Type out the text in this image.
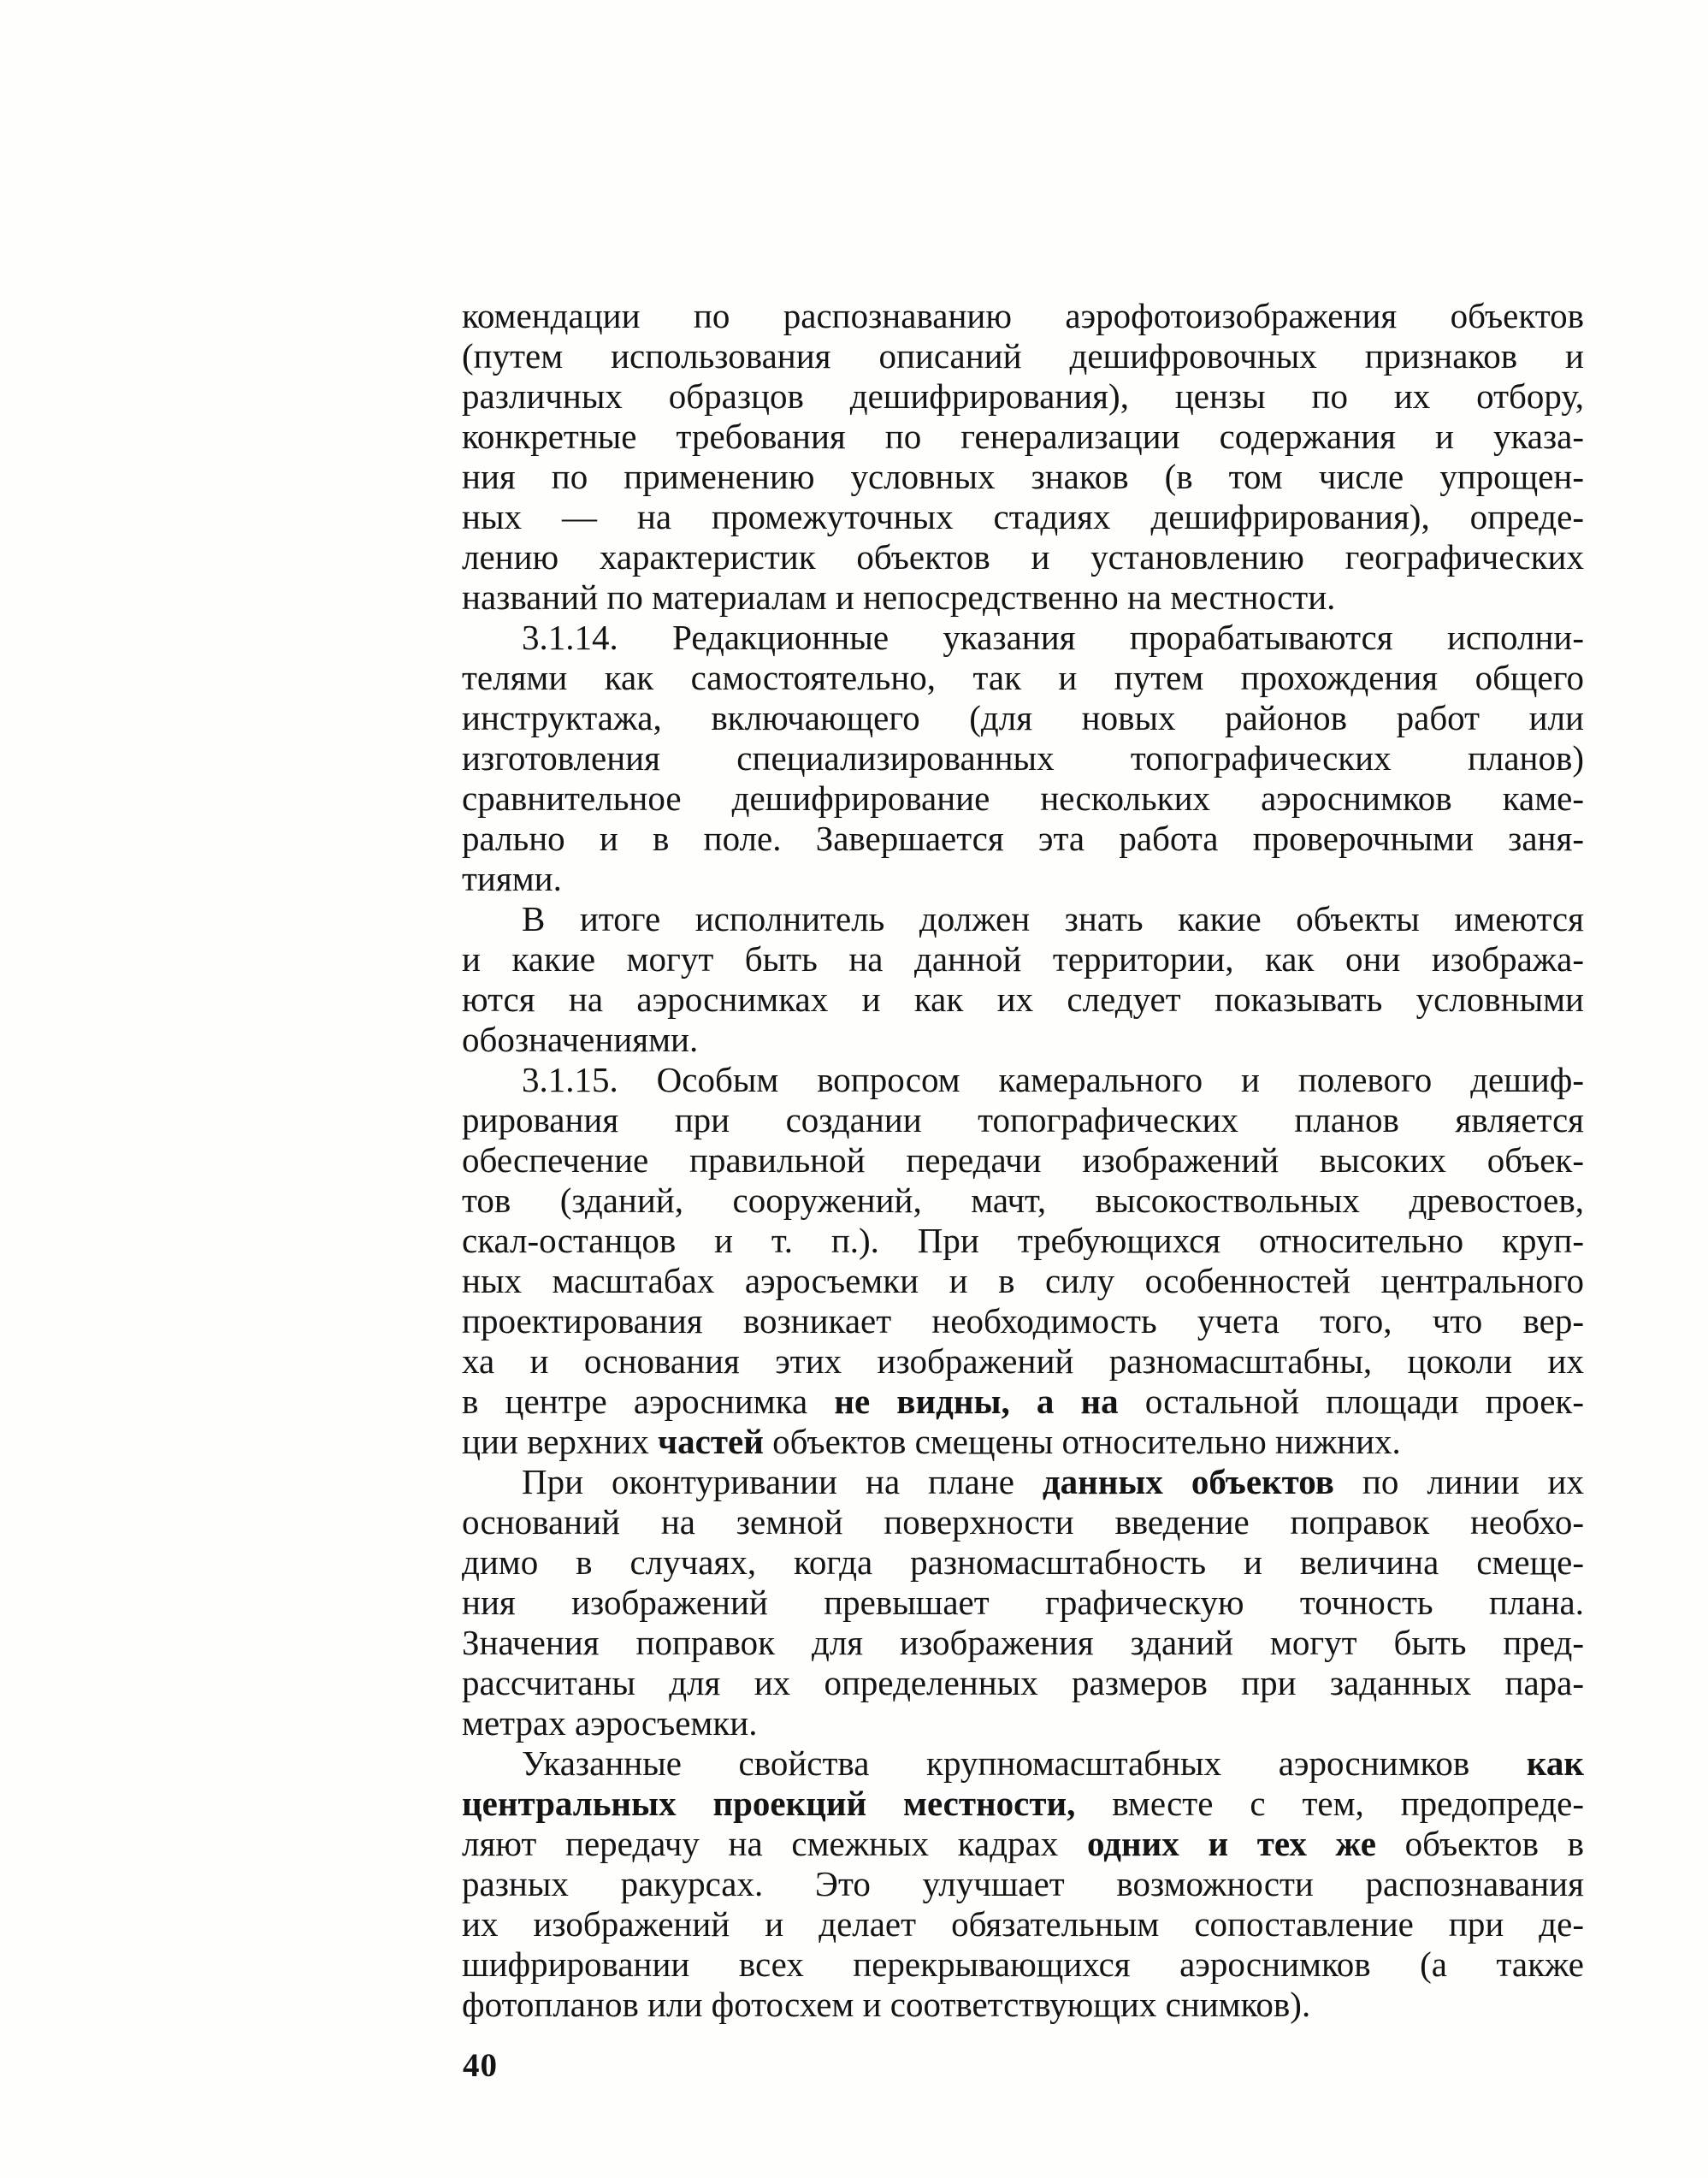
комендации по распознаванию аэрофотоизображения объектов
(путем использования описаний дешифровочных признаков и
различных образцов дешифрирования), цензы по их отбору,
конкретные требования по генерализации содержания и указа-
ния по применению условных знаков (в том числе упрощен-
ных — на промежуточных стадиях дешифрирования), опреде-
лению характеристик объектов и установлению географических
названий по материалам и непосредственно на местности.
3.1.14. Редакционные указания прорабатываются исполни-
телями как самостоятельно, так и путем прохождения общего
инструктажа, включающего (для новых районов работ или
изготовления специализированных топографических планов)
сравнительное дешифрирование нескольких аэроснимков каме-
рально и в поле. Завершается эта работа проверочными заня-
тиями.
В итоге исполнитель должен знать какие объекты имеются
и какие могут быть на данной территории, как они изобража-
ются на аэроснимках и как их следует показывать условными
обозначениями.
3.1.15. Особым вопросом камерального и полевого дешиф-
рирования при создании топографических планов является
обеспечение правильной передачи изображений высоких объек-
тов (зданий, сооружений, мачт, высокоствольных древостоев,
скал-останцов и т. п.). При требующихся относительно круп-
ных масштабах аэросъемки и в силу особенностей центрального
проектирования возникает необходимость учета того, что вер-
ха и основания этих изображений разномасштабны, цоколи их
в центре аэроснимка не видны, а на остальной площади проек-
ции верхних частей объектов смещены относительно нижних.
При оконтуривании на плане данных объектов по линии их
оснований на земной поверхности введение поправок необхо-
димо в случаях, когда разномасштабность и величина смеще-
ния изображений превышает графическую точность плана.
Значения поправок для изображения зданий могут быть пред-
рассчитаны для их определенных размеров при заданных пара-
метрах аэросъемки.
Указанные свойства крупномасштабных аэроснимков как
центральных проекций местности, вместе с тем, предопреде-
ляют передачу на смежных кадрах одних и тех же объектов в
разных ракурсах. Это улучшает возможности распознавания
их изображений и делает обязательным сопоставление при де-
шифрировании всех перекрывающихся аэроснимков (а также
фотопланов или фотосхем и соответствующих снимков).
40
